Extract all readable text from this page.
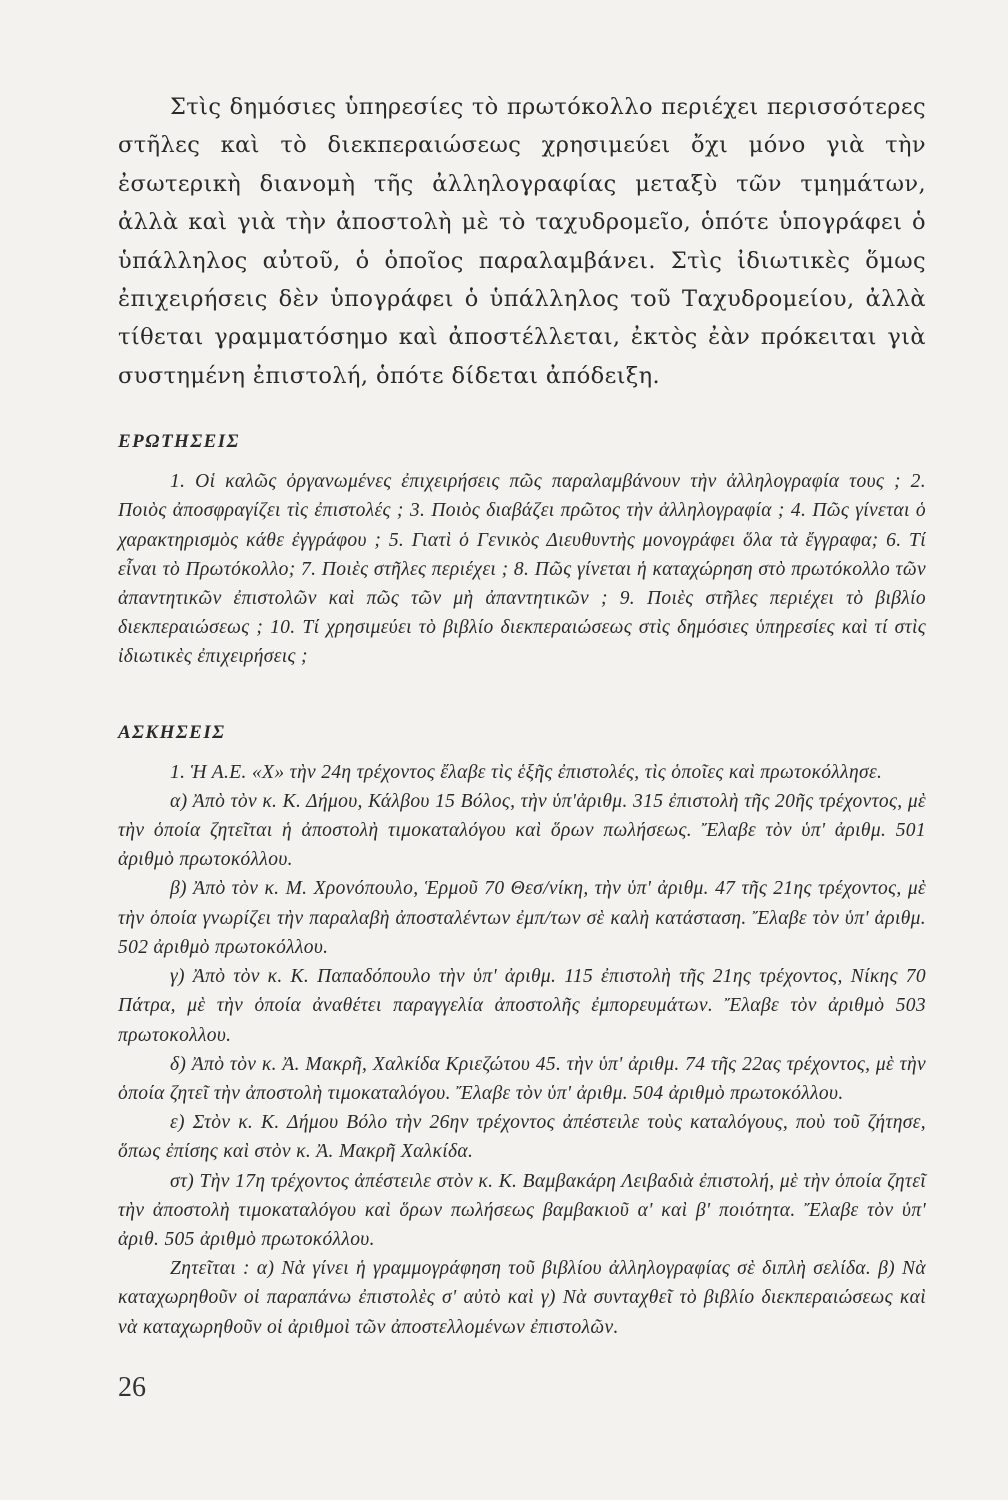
Στὶς δημόσιες ὑπηρεσίες τὸ πρωτόκολλο περιέχει περισσότερες στῆλες καὶ τὸ διεκπεραιώσεως χρησιμεύει ὄχι μόνο γιὰ τὴν ἐσωτερικὴ διανομὴ τῆς ἀλληλογραφίας μεταξὺ τῶν τμημάτων, ἀλλὰ καὶ γιὰ τὴν ἀποστολὴ μὲ τὸ ταχυδρομεῖο, ὁπότε ὑπογράφει ὁ ὑπάλληλος αὐτοῦ, ὁ ὁποῖος παραλαμβάνει. Στὶς ἰδιωτικὲς ὅμως ἐπιχειρήσεις δὲν ὑπογράφει ὁ ὑπάλληλος τοῦ Ταχυδρομείου, ἀλλὰ τίθεται γραμματόσημο καὶ ἀποστέλλεται, ἐκτὸς ἐὰν πρόκειται γιὰ συστημένη ἐπιστολή, ὁπότε δίδεται ἀπόδειξη.

ΕΡΩΤΗΣΕΙΣ

1. Οἱ καλῶς ὀργανωμένες ἐπιχειρήσεις πῶς παραλαμβάνουν τὴν ἀλληλογραφία τους ; 2. Ποιὸς ἀποσφραγίζει τὶς ἐπιστολές ; 3. Ποιὸς διαβάζει πρῶτος τὴν ἀλληλογραφία ; 4. Πῶς γίνεται ὁ χαρακτηρισμὸς κάθε ἐγγράφου ; 5. Γιατὶ ὁ Γενικὸς Διευθυντὴς μονογράφει ὅλα τὰ ἔγγραφα; 6. Τί εἶναι τὸ Πρωτόκολλο; 7. Ποιὲς στῆλες περιέχει ; 8. Πῶς γίνεται ἡ καταχώρηση στὸ πρωτόκολλο τῶν ἀπαντητικῶν ἐπιστολῶν καὶ πῶς τῶν μὴ ἀπαντητικῶν ; 9. Ποιὲς στῆλες περιέχει τὸ βιβλίο διεκπεραιώσεως ; 10. Τί χρησιμεύει τὸ βιβλίο διεκπεραιώσεως στὶς δημόσιες ὑπηρεσίες καὶ τί στὶς ἰδιωτικὲς ἐπιχειρήσεις ;

ΑΣΚΗΣΕΙΣ

1. Ἡ Α.Ε. «Χ» τὴν 24η τρέχοντος ἔλαβε τὶς ἑξῆς ἐπιστολές, τὶς ὁποῖες καὶ πρωτοκόλλησε.

α) Ἀπὸ τὸν κ. Κ. Δήμου, Κάλβου 15 Βόλος, τὴν ὑπ'ἀριθμ. 315 ἐπιστολὴ τῆς 20ῆς τρέχοντος, μὲ τὴν ὁποία ζητεῖται ἡ ἀποστολὴ τιμοκαταλόγου καὶ ὅρων πωλήσεως. Ἔλαβε τὸν ὑπ' ἀριθμ. 501 ἀριθμὸ πρωτοκόλλου.

β) Ἀπὸ τὸν κ. Μ. Χρονόπουλο, Ἑρμοῦ 70 Θεσ/νίκη, τὴν ὑπ' ἀριθμ. 47 τῆς 21ης τρέχοντος, μὲ τὴν ὁποία γνωρίζει τὴν παραλαβὴ ἀποσταλέντων ἐμπ/των σὲ καλὴ κατάσταση. Ἔλαβε τὸν ὑπ' ἀριθμ. 502 ἀριθμὸ πρωτοκόλλου.

γ) Ἀπὸ τὸν κ. Κ. Παπαδόπουλο τὴν ὑπ' ἀριθμ. 115 ἐπιστολὴ τῆς 21ης τρέχοντος, Νίκης 70 Πάτρα, μὲ τὴν ὁποία ἀναθέτει παραγγελία ἀποστολῆς ἐμπορευμάτων. Ἔλαβε τὸν ἀριθμὸ 503 πρωτοκολλου.

δ) Ἀπὸ τὸν κ. Ἀ. Μακρῆ, Χαλκίδα Κριεζώτου 45. τὴν ὑπ' ἀριθμ. 74 τῆς 22ας τρέχοντος, μὲ τὴν ὁποία ζητεῖ τὴν ἀποστολὴ τιμοκαταλόγου. Ἔλαβε τὸν ὑπ' ἀριθμ. 504 ἀριθμὸ πρωτοκόλλου.

ε) Στὸν κ. Κ. Δήμου Βόλο τὴν 26ην τρέχοντος ἀπέστειλε τοὺς καταλόγους, ποὺ τοῦ ζήτησε, ὅπως ἐπίσης καὶ στὸν κ. Ἀ. Μακρῆ Χαλκίδα.

στ) Τὴν 17η τρέχοντος ἀπέστειλε στὸν κ. Κ. Βαμβακάρη Λειβαδιὰ ἐπιστολή, μὲ τὴν ὁποία ζητεῖ τὴν ἀποστολὴ τιμοκαταλόγου καὶ ὅρων πωλήσεως βαμβακιοῦ α' καὶ β' ποιότητα. Ἔλαβε τὸν ὑπ' ἀριθ. 505 ἀριθμὸ πρωτοκόλλου.

Ζητεῖται : α) Νὰ γίνει ἡ γραμμογράφηση τοῦ βιβλίου ἀλληλογραφίας σὲ διπλὴ σελίδα. β) Νὰ καταχωρηθοῦν οἱ παραπάνω ἐπιστολὲς σ' αὐτὸ καὶ γ) Νὰ συνταχθεῖ τὸ βιβλίο διεκπεραιώσεως καὶ νὰ καταχωρηθοῦν οἱ ἀριθμοὶ τῶν ἀποστελλομένων ἐπιστολῶν.

26
